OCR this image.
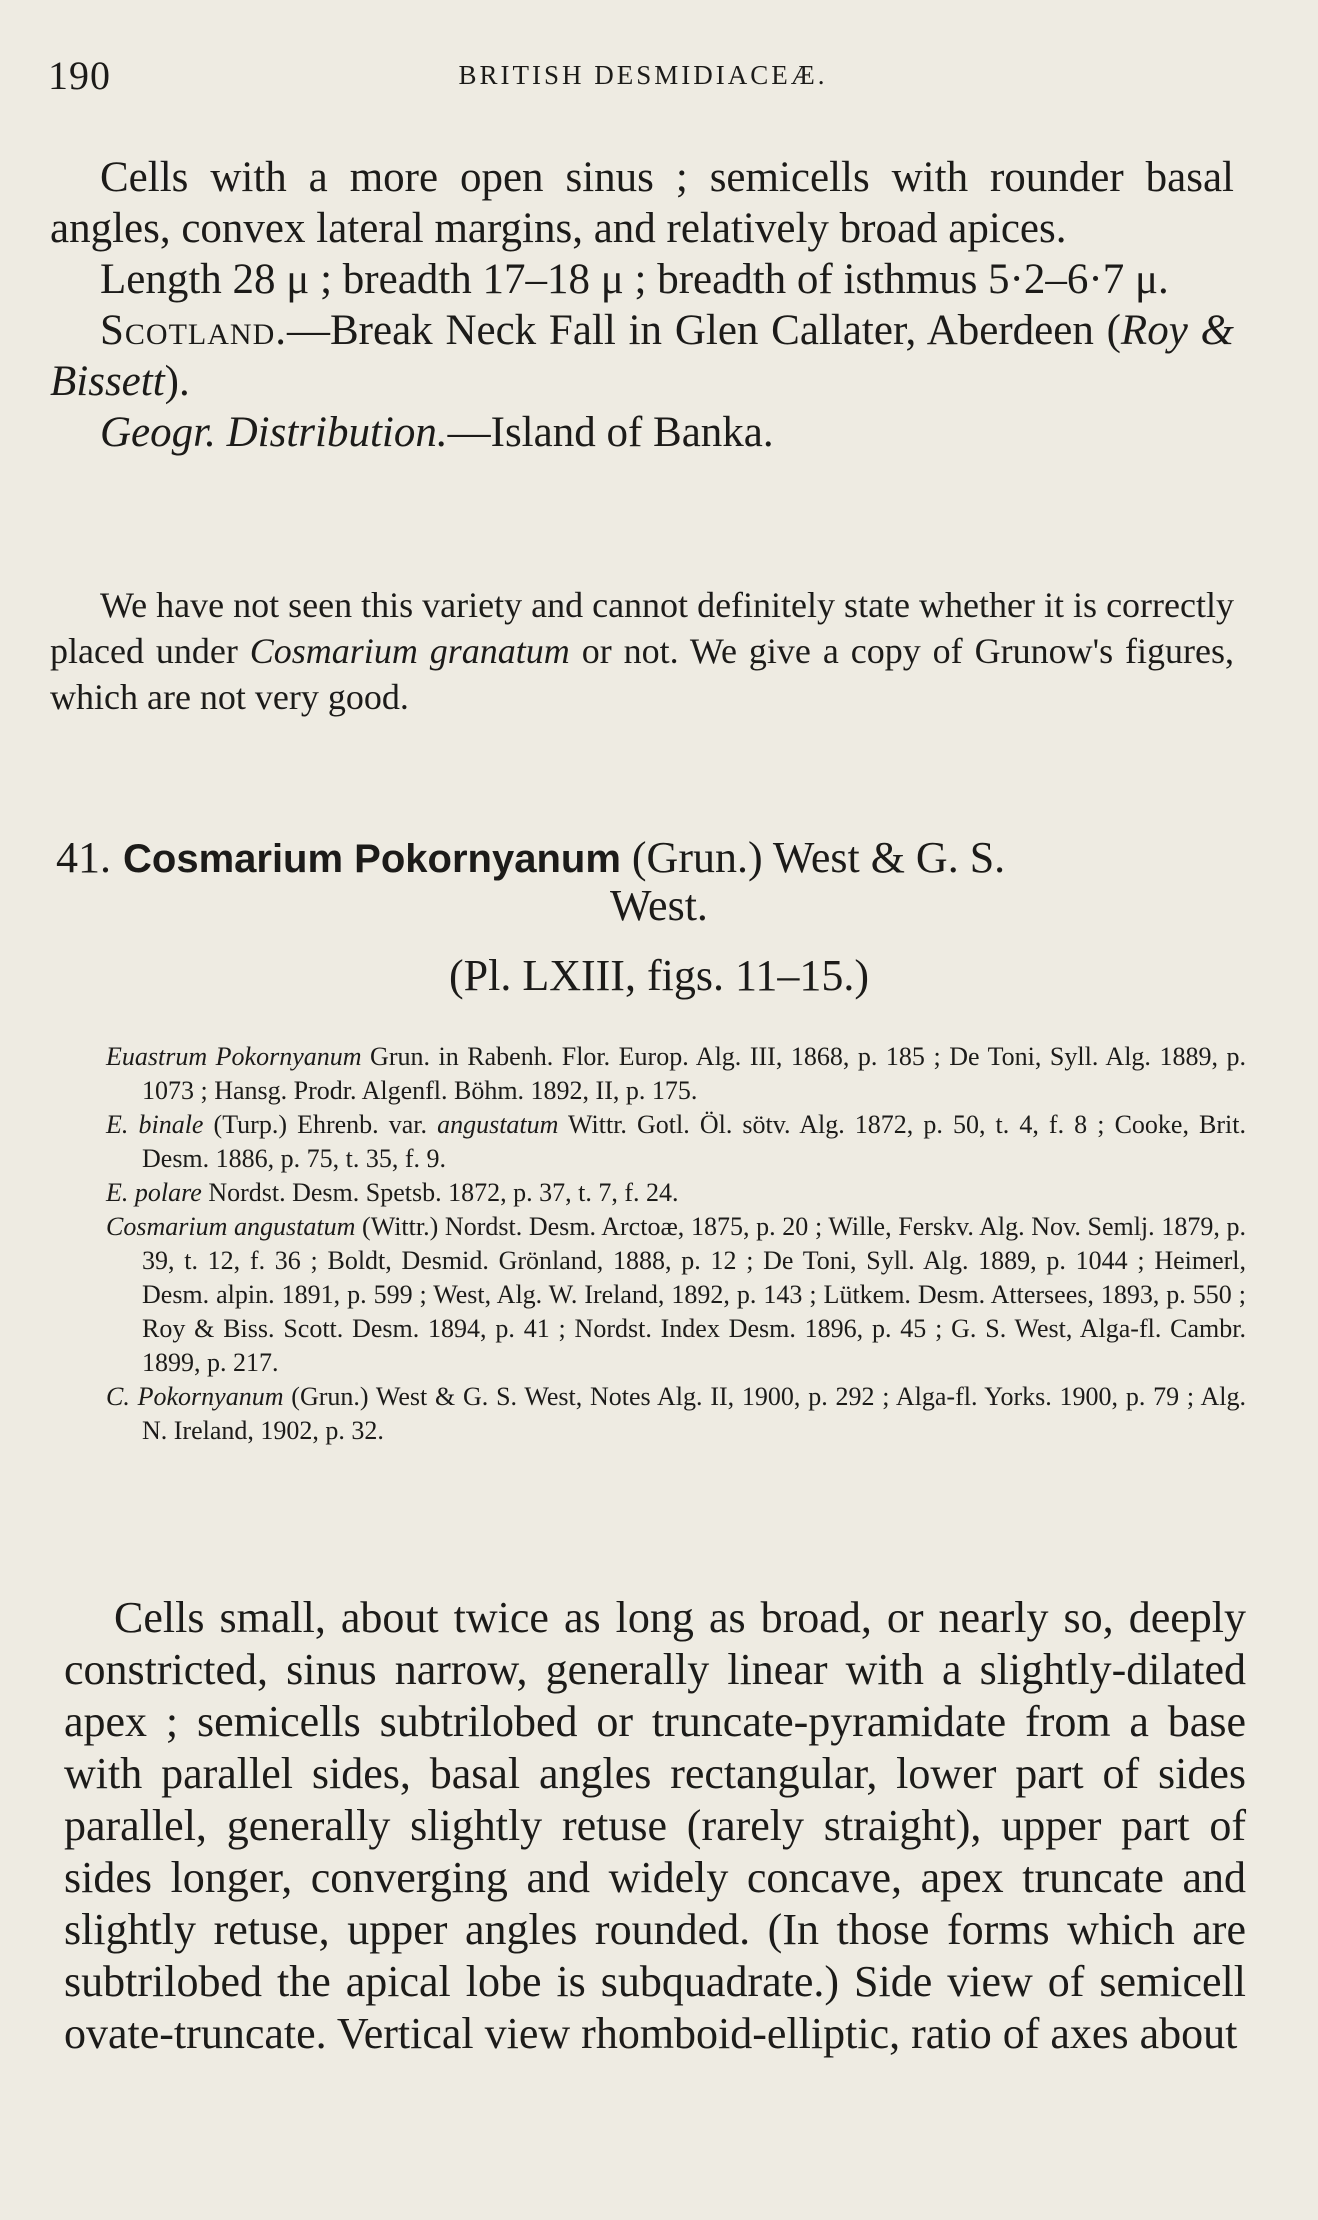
190	BRITISH DESMIDIACEÆ.
Cells with a more open sinus ; semicells with rounder basal angles, convex lateral margins, and relatively broad apices.
Length 28 μ ; breadth 17–18 μ ; breadth of isthmus 5·2–6·7 μ.
Scotland.—Break Neck Fall in Glen Callater, Aberdeen (Roy & Bissett).
Geogr. Distribution.—Island of Banka.
We have not seen this variety and cannot definitely state whether it is correctly placed under Cosmarium granatum or not. We give a copy of Grunow's figures, which are not very good.
41. Cosmarium Pokornyanum (Grun.) West & G. S.
West.
(Pl. LXIII, figs. 11–15.)
Euastrum Pokornyanum Grun. in Rabenh. Flor. Europ. Alg. III, 1868, p. 185 ; De Toni, Syll. Alg. 1889, p. 1073 ; Hansg. Prodr. Algenfl. Böhm. 1892, II, p. 175.
E. binale (Turp.) Ehrenb. var. angustatum Wittr. Gotl. Öl. sötv. Alg. 1872, p. 50, t. 4, f. 8 ; Cooke, Brit. Desm. 1886, p. 75, t. 35, f. 9.
E. polare Nordst. Desm. Spetsb. 1872, p. 37, t. 7, f. 24.
Cosmarium angustatum (Wittr.) Nordst. Desm. Arctoæ, 1875, p. 20 ; Wille, Ferskv. Alg. Nov. Semlj. 1879, p. 39, t. 12, f. 36 ; Boldt, Desmid. Grönland, 1888, p. 12 ; De Toni, Syll. Alg. 1889, p. 1044 ; Heimerl, Desm. alpin. 1891, p. 599 ; West, Alg. W. Ireland, 1892, p. 143 ; Lütkem. Desm. Attersees, 1893, p. 550 ; Roy & Biss. Scott. Desm. 1894, p. 41 ; Nordst. Index Desm. 1896, p. 45 ; G. S. West, Alga-fl. Cambr. 1899, p. 217.
C. Pokornyanum (Grun.) West & G. S. West, Notes Alg. II, 1900, p. 292 ; Alga-fl. Yorks. 1900, p. 79 ; Alg. N. Ireland, 1902, p. 32.
Cells small, about twice as long as broad, or nearly so, deeply constricted, sinus narrow, generally linear with a slightly-dilated apex ; semicells subtrilobed or truncate-pyramidate from a base with parallel sides, basal angles rectangular, lower part of sides parallel, generally slightly retuse (rarely straight), upper part of sides longer, converging and widely concave, apex truncate and slightly retuse, upper angles rounded. (In those forms which are subtrilobed the apical lobe is subquadrate.) Side view of semicell ovate-truncate. Vertical view rhomboid-elliptic, ratio of axes about
